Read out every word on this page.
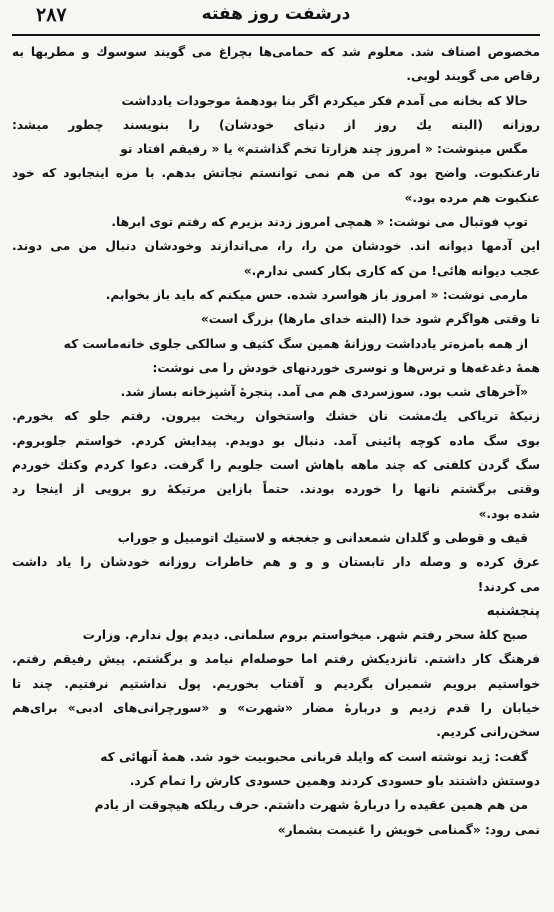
۲۸۷	درشفت روز هفته
مخصوص اصناف شد. معلوم شد که حمامی‌ها بچراغ می گویند سوسوك و مطربها به
رقاص می گویند لوبی.
حالا که بخانه می آمدم فکر میکردم اگر بنا بودهمهٔ موجودات یادداشت
روزانه (البته یك روز از دنیای خودشان) را بنویسند چطور میشد:
مگس مینوشت: « امروز چند هزارتا تخم گذاشتم» یا « رفیقم افتاد تو
تارعنکبوت. واضح بود که من هم نمی توانستم نجاتش بدهم. با مزه اینجابود که خود
عنکبوت هم مرده بود.»
توپ فوتبال می نوشت: « همچی امروز زدند بزیرم که رفتم توی ابرها.
این آدمها دیوانه اند. خودشان من را، را، می‌اندازند وخودشان دنبال من می دوند.
عجب دیوانه هائی! من که کاری بکار کسی ندارم.»
مارمی نوشت: « امروز باز هواسرد شده. حس میکنم که باید باز بخوابم.
تا وقتی هواگرم شود خدا (البته خدای مارها) بزرگ است»
از همه بامزه‌تر یادداشت روزانهٔ همین سگ کثیف و سالکی جلوی خانه‌ماست که
همهٔ دغدغه‌ها و ترس‌ها و توسری خوردنهای خودش را می نوشت:
«آخرهای شب بود. سوزسردی هم می آمد. پنجرهٔ آشپزخانه بساز شد.
زنیکهٔ تریاکی یك‌مشت نان خشك واستخوان ریخت بیرون. رفتم جلو که بخورم.
بوی سگ ماده کوچه پائینی آمد. دنبال بو دویدم. پیدایش کردم. خواستم جلوبروم.
سگ گردن کلفتی که چند ماهه باهاش است جلویم را گرفت. دعوا کردم وکتك خوردم
وقتی برگشتم نانها را خورده بودند. حتماً بازاین مرتیکهٔ رو برویی از اینجا رد
شده بود.»
قیف و قوطی و گلدان شمعدانی و جغجغه و لاستیك اتومبیل و جوراب
عرق کرده و وصله دار تابستان و و و هم خاطرات روزانه خودشان را یاد داشت
می کردند!
پنجشنبه
صبح کلهٔ سحر رفتم شهر. میخواستم بروم سلمانی. دیدم پول ندارم. وزارت
فرهنگ کار داشتم. تانزدیکش رفتم اما حوصله‌ام نیامد و برگشتم. پیش رفیقم رفتم.
خواستیم برویم شمیران بگردیم و آفتاب بخوریم. پول نداشتیم نرفتیم. چند تا
خیابان را قدم زدیم و دربارهٔ مضار «شهرت» و «سورچرانی‌های ادبی» برای‌هم
سخن‌رانی کردیم.
گفت: ژید نوشته است که وایلد قربانی محبوبیت خود شد. همهٔ آنهائی که
دوستش داشتند باو حسودی کردند وهمین حسودی کارش را تمام کرد.
من هم همین عقیده را دربارهٔ شهرت داشتم. حرف ریلکه هیچوقت از یادم
نمی رود: «گمنامی خویش را غنیمت بشمار»
